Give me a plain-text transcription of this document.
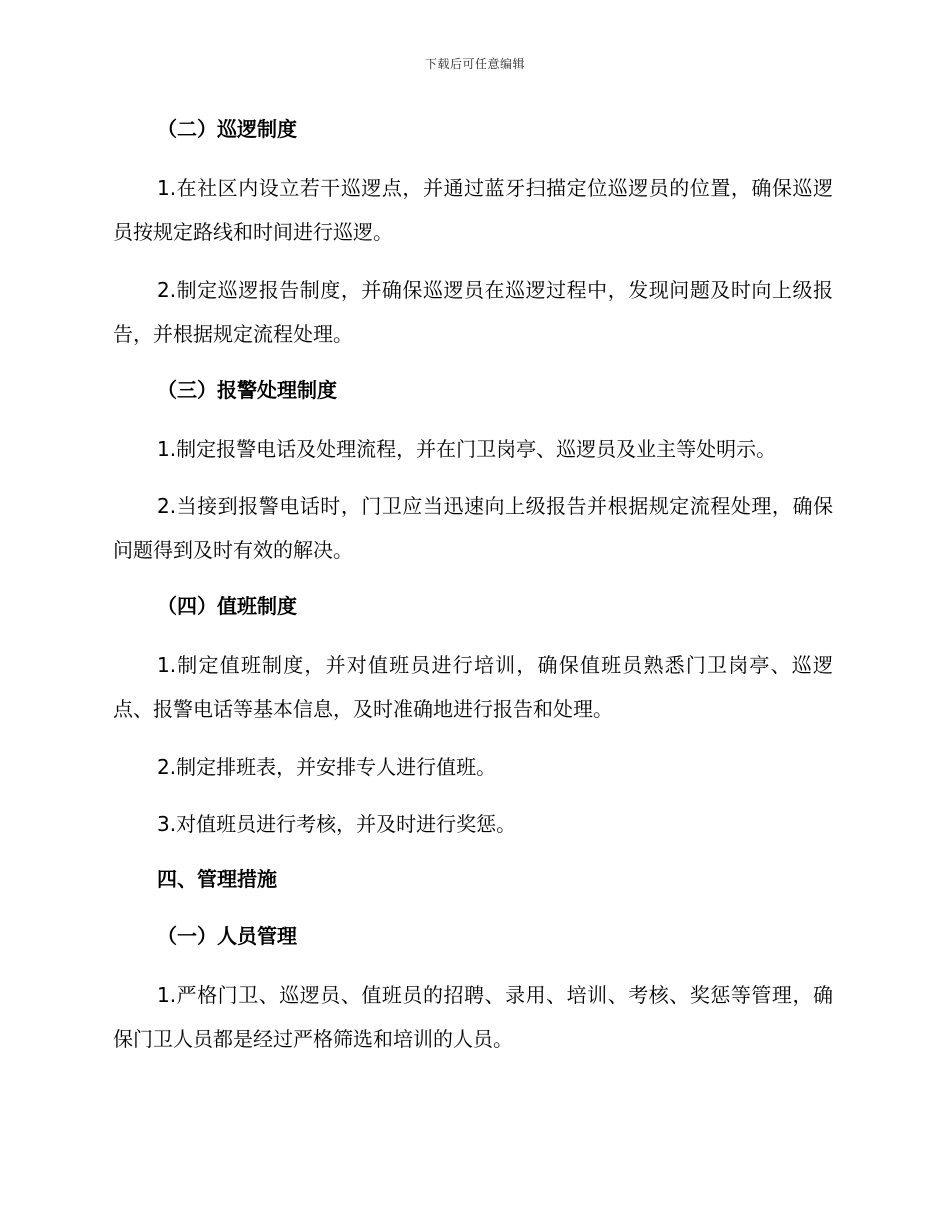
下载后可任意编辑
（二）巡逻制度

1.在社区内设立若干巡逻点，并通过蓝牙扫描定位巡逻员的位置，确保巡逻员按规定路线和时间进行巡逻。

2.制定巡逻报告制度，并确保巡逻员在巡逻过程中，发现问题及时向上级报告，并根据规定流程处理。

（三）报警处理制度

1.制定报警电话及处理流程，并在门卫岗亭、巡逻员及业主等处明示。

2.当接到报警电话时，门卫应当迅速向上级报告并根据规定流程处理，确保问题得到及时有效的解决。

（四）值班制度

1.制定值班制度，并对值班员进行培训，确保值班员熟悉门卫岗亭、巡逻点、报警电话等基本信息，及时准确地进行报告和处理。

2.制定排班表，并安排专人进行值班。

3.对值班员进行考核，并及时进行奖惩。

四、管理措施
（一）人员管理

1.严格门卫、巡逻员、值班员的招聘、录用、培训、考核、奖惩等管理，确保门卫人员都是经过严格筛选和培训的人员。
